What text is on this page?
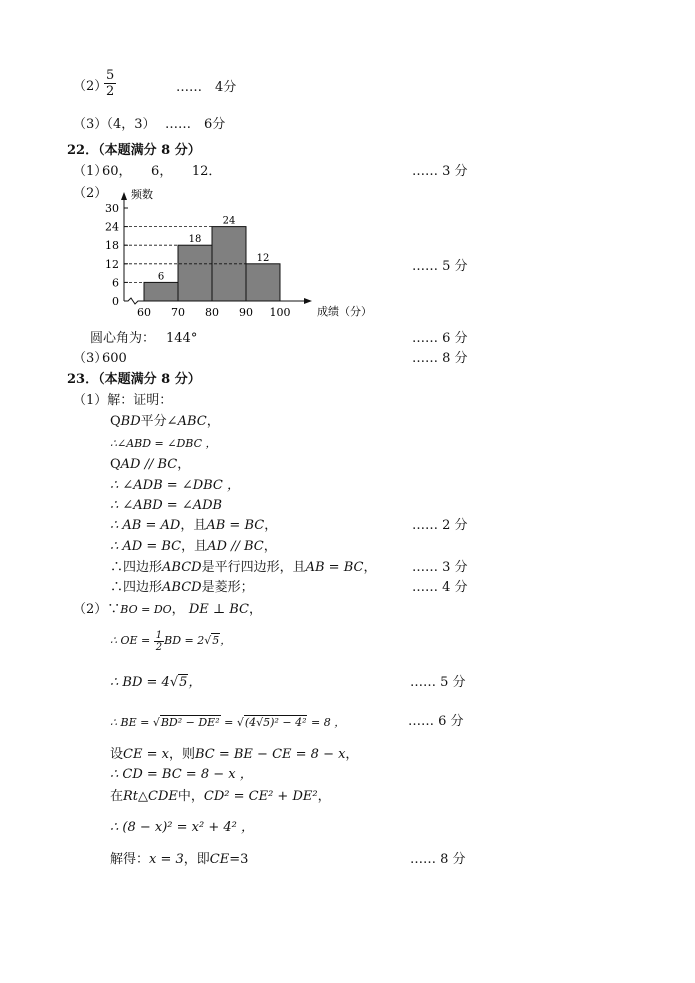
（2）
$\frac{5}{2}$	……　4分
（3）
（4，3） ……　6分
22．（本题满分 8 分）
（1）
60，　　6，　　12．	…… 3 分
（2） 频数
成绩（分）
0
6
12
18
24
30
60 70 80 90 100
6
18
24
12
…… 5 分
圆心角为： 144°	…… 6 分
（3）
600	…… 8 分
23．（本题满分 8 分）
（1）解：证明：
QBD平分∠ABC，
∴∠ABD = ∠DBC ，
QAD // BC，
∴ ∠ADB = ∠DBC ，
∴ ∠ABD = ∠ADB
∴ AB = AD，且AB = BC，	…… 2 分
∴ AD = BC，且AD // BC，
∴四边形ABCD是平行四边形，且AB = BC，	…… 3 分
∴四边形ABCD是菱形；	…… 4 分
（2）∵BO = DO， DE ⊥ BC，
∴ OE = $\frac{1}{2}$ BD = 2√5，
∴ BD = 4√5，	…… 5 分
∴ BE = √BD² − DE² = √(4√5)² − 4² = 8 ，	…… 6 分
设CE = x，则BC = BE − CE = 8 − x，
∴ CD = BC = 8 − x ，
在Rt△CDE中，CD² = CE² + DE²，
∴ (8 − x)² = x² + 4² ，
解得：x = 3，即CE=3	…… 8 分
